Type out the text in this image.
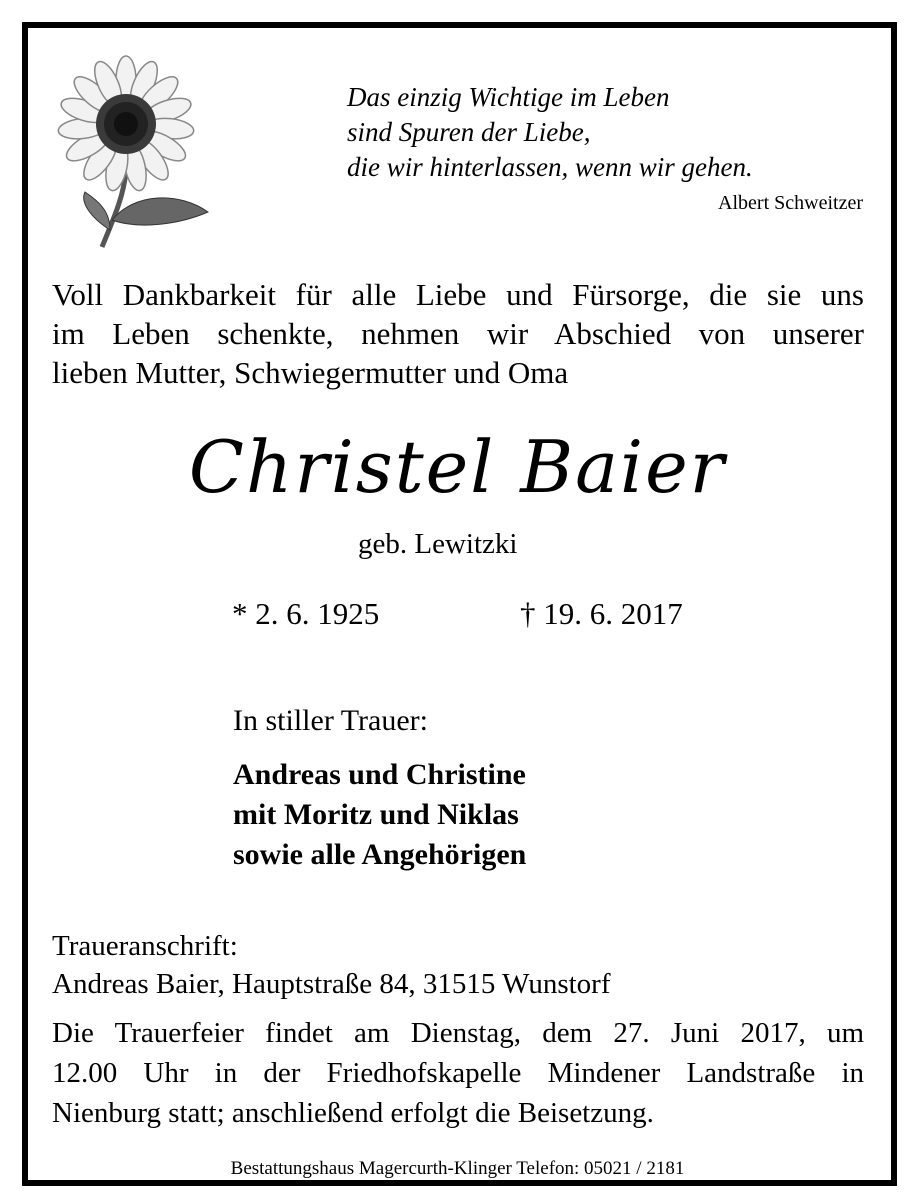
Das einzig Wichtige im Leben
sind Spuren der Liebe,
die wir hinterlassen, wenn wir gehen.
Albert Schweitzer
Voll Dankbarkeit für alle Liebe und Fürsorge, die sie uns
im Leben schenkte, nehmen wir Abschied von unserer
lieben Mutter, Schwiegermutter und Oma
Christel Baier
geb. Lewitzki
* 2. 6. 1925	† 19. 6. 2017
In stiller Trauer:
Andreas und Christine
mit Moritz und Niklas
sowie alle Angehörigen
Traueranschrift:
Andreas Baier, Hauptstraße 84, 31515 Wunstorf
Die Trauerfeier findet am Dienstag, dem 27. Juni 2017, um
12.00 Uhr in der Friedhofskapelle Mindener Landstraße in
Nienburg statt; anschließend erfolgt die Beisetzung.
Bestattungshaus Magercurth-Klinger Telefon: 05021 / 2181
